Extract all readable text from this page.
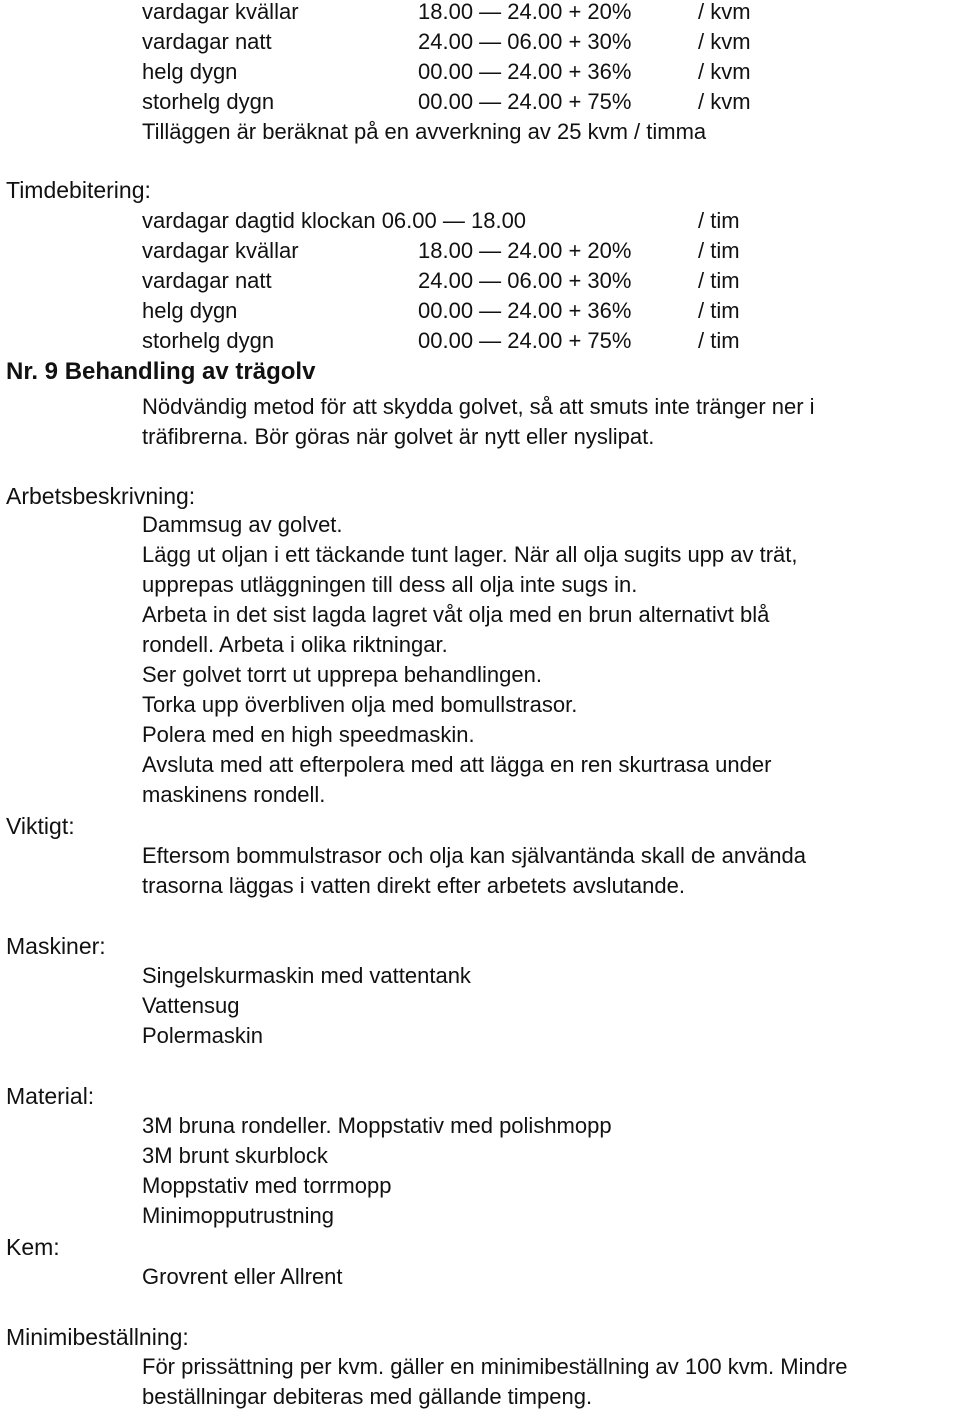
vardagar kvällar	18.00 — 24.00 + 20%	/ kvm
vardagar natt	24.00 — 06.00 + 30%	/ kvm
helg dygn	00.00 — 24.00 + 36%	/ kvm
storhelg dygn	00.00 — 24.00 + 75%	/ kvm
Tilläggen är beräknat på en avverkning av 25 kvm / timma
Timdebitering:
vardagar dagtid klockan 06.00 — 18.00	/ tim
vardagar kvällar	18.00 — 24.00 + 20%	/ tim
vardagar natt	24.00 — 06.00 + 30%	/ tim
helg dygn	00.00 — 24.00 + 36%	/ tim
storhelg dygn	00.00 — 24.00 + 75%	/ tim
Nr. 9 Behandling av trägolv
Nödvändig metod för att skydda golvet, så att smuts inte tränger ner i
träfibrerna. Bör göras när golvet är nytt eller nyslipat.
Arbetsbeskrivning:
Dammsug av golvet.
Lägg ut oljan i ett täckande tunt lager. När all olja sugits upp av trät,
upprepas utläggningen till dess all olja inte sugs in.
Arbeta in det sist lagda lagret våt olja med en brun alternativt blå
rondell. Arbeta i olika riktningar.
Ser golvet torrt ut upprepa behandlingen.
Torka upp överbliven olja med bomullstrasor.
Polera med en high speedmaskin.
Avsluta med att efterpolera med att lägga en ren skurtrasa under
maskinens rondell.
Viktigt:
Eftersom bommulstrasor och olja kan självantända skall de använda
trasorna läggas i vatten direkt efter arbetets avslutande.
Maskiner:
Singelskurmaskin med vattentank
Vattensug
Polermaskin
Material:
3M bruna rondeller. Moppstativ med polishmopp
3M brunt skurblock
Moppstativ med torrmopp
Minimopputrustning
Kem:
Grovrent eller Allrent
Minimibeställning:
För prissättning per kvm. gäller en minimibeställning av 100 kvm. Mindre
beställningar debiteras med gällande timpeng.
